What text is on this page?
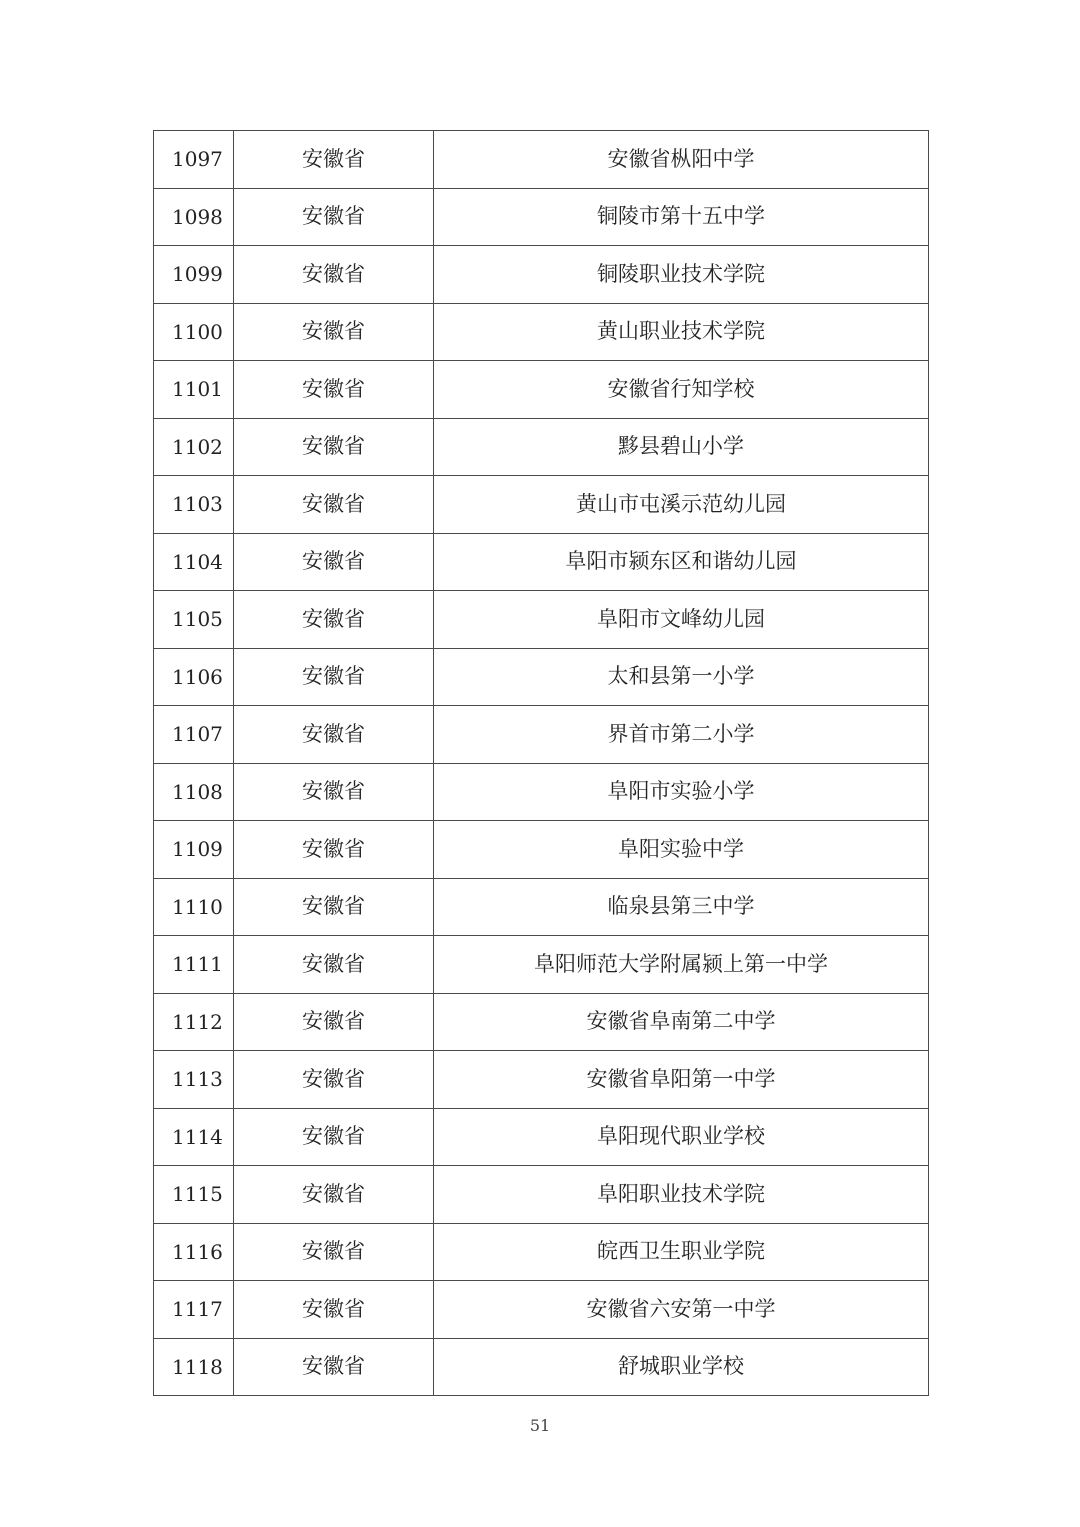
1097	安徽省	安徽省枞阳中学
1098	安徽省	铜陵市第十五中学
1099	安徽省	铜陵职业技术学院
1100	安徽省	黄山职业技术学院
1101	安徽省	安徽省行知学校
1102	安徽省	黟县碧山小学
1103	安徽省	黄山市屯溪示范幼儿园
1104	安徽省	阜阳市颍东区和谐幼儿园
1105	安徽省	阜阳市文峰幼儿园
1106	安徽省	太和县第一小学
1107	安徽省	界首市第二小学
1108	安徽省	阜阳市实验小学
1109	安徽省	阜阳实验中学
1110	安徽省	临泉县第三中学
1111	安徽省	阜阳师范大学附属颍上第一中学
1112	安徽省	安徽省阜南第二中学
1113	安徽省	安徽省阜阳第一中学
1114	安徽省	阜阳现代职业学校
1115	安徽省	阜阳职业技术学院
1116	安徽省	皖西卫生职业学院
1117	安徽省	安徽省六安第一中学
1118	安徽省	舒城职业学校
51
